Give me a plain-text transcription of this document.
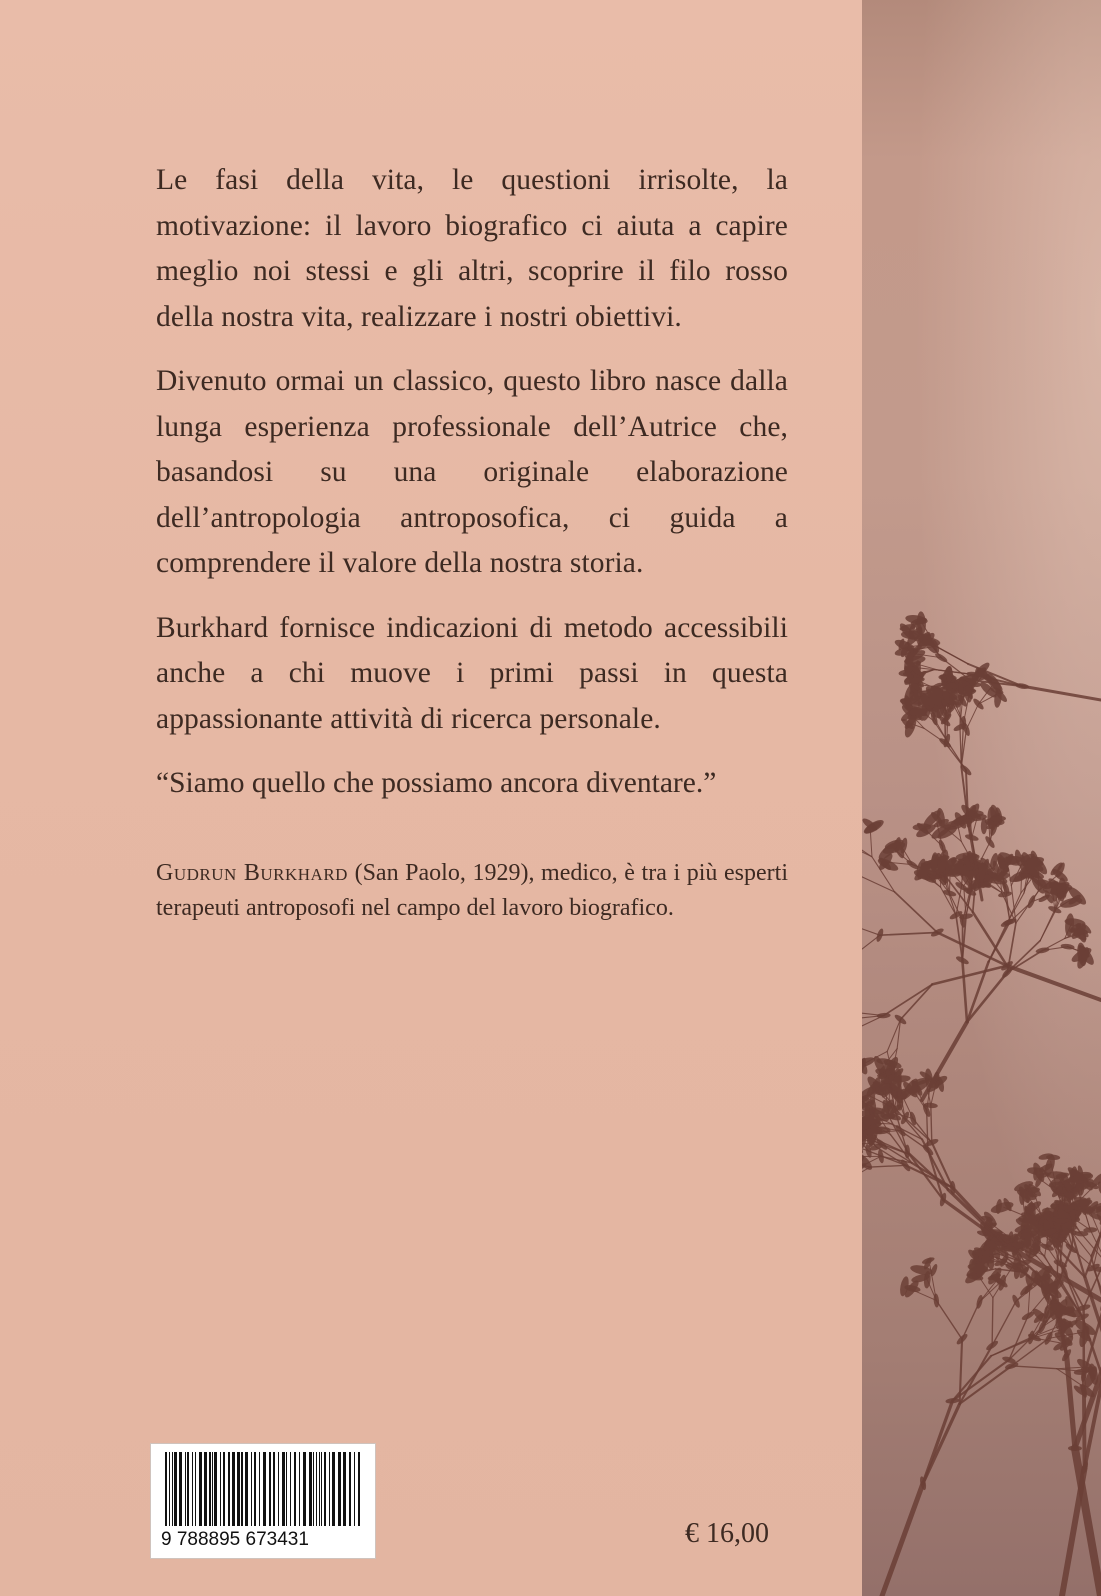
Le fasi della vita, le questioni irrisolte, la motivazione: il lavoro biografico ci aiuta a capire meglio noi stessi e gli altri, scoprire il filo rosso della nostra vita, realizzare i nostri obiettivi.

Divenuto ormai un classico, questo libro nasce dalla lunga esperienza professionale dell’Autrice che, basandosi su una originale elaborazione dell’antropologia antroposofica, ci guida a comprendere il valore della nostra storia.

Burkhard fornisce indicazioni di metodo accessibili anche a chi muove i primi passi in questa appassionante attività di ricerca personale.

“Siamo quello che possiamo ancora diventare.”

Gudrun Burkhard (San Paolo, 1929), medico, è tra i più esperti terapeuti antroposofi nel campo del lavoro biografico.
9 788895 673431	€ 16,00
